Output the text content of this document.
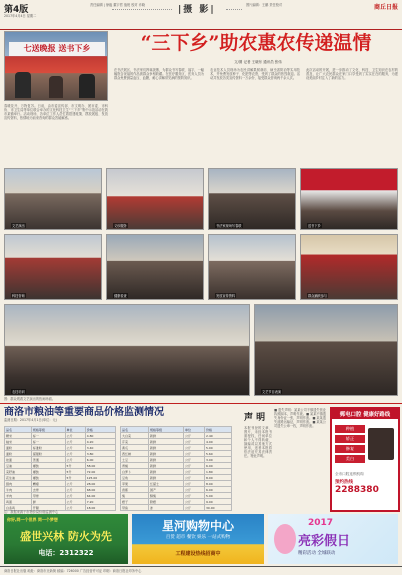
第4版
2017年4月4日 星期二
责任编辑 | 徐毅 董宇哲 值班 校对 乔晓	|摄 影|	图片编辑：王鹏 责任校对	商丘日报
七送晚报 送书下乡	“三下乡”助农惠农传递温情
文/图 记者 王晓东 通讯员 张伟
春暖花开，万物复苏。日前，由市委宣传部、市文明办、团市委、市科协、市卫生局等单位联合举办的文化科技卫生“三下乡”集中示范活动在我市某镇举行。活动现场，各单位工作人员忙着搭建帐篷、摆放展板、发放宣传资料，热情地为前来咨询的群众答疑解惑。
在书法展区，书法家们挥毫泼墨，为群众书写春联、福字，一幅幅饱含祝福的作品被群众争相收藏。在医疗服务区，医务人员为群众免费测量血压、血糖，耐心讲解常见病的预防知识。
农业技术人员现场为农民讲解果树栽培、病虫害防治等实用技术，并免费发放种子、化肥等农资，受到了群众的热烈欢迎。活动共发放各类宣传资料一万余份，接受群众咨询两千余人次。
此次活动的开展，进一步推动了文化、科技、卫生知识在农村的普及，让广大农民群众在家门口享受到了实实在在的服务，为建设美丽乡村注入了新的活力。
文艺演出	义诊服务	书法家现场写春联	送书下乡
科技咨询	健康检查	发放宣传资料	群众踊跃参与
农技培训	文艺节目表演
图：群众观看文艺演出的热闹场面。
商洛市粮油等重要商品价格监测情况
监测日期：2017年4月1日(单位：元)
品名	规格等级	单位	价格
粳米	标一	公斤	4.80
籼米	标一	公斤	4.20
面粉	标准粉	公斤	3.40
面粉	富强粉	公斤	3.80
挂面	普通	公斤	6.00
豆油	桶装	5升	58.00
菜籽油	桶装	5升	72.00
花生油	桶装	5升	125.00
猪肉	精瘦	公斤	28.00
牛肉	去骨	公斤	68.00
羊肉	带骨	公斤	64.00
鸡蛋	鲜	公斤	7.20
白条鸡	开膛	公斤	18.00
品名	规格等级	单位	价格
大白菜	新鲜	公斤	2.40
芹菜	新鲜	公斤	4.00
黄瓜	新鲜	公斤	5.00
西红柿	新鲜	公斤	5.60
土豆	新鲜	公斤	3.00
青椒	新鲜	公斤	6.00
白萝卜	新鲜	公斤	1.80
豆角	新鲜	公斤	8.00
苹果	红富士	公斤	8.00
香蕉	国产	公斤	6.00
梨	酥梨	公斤	5.00
橙子	脐橙	公斤	9.00
带鱼	冻	公斤	30.00
注：数据来源于市物价局价格监测中心
声 明
本报刊登的文章、图片，未经本报书面授权，任何单位和个人不得转载、摘编或以其他方式使用，违者本报将依法追究其法律责任。特此声明。
■ 遗失声明：某某公司不慎遗失营业执照副本，声明作废。■ 某某不慎遗失身份证一张，声明作废。■ 某某遗失道路运输证，声明作废。■ 某某公司遗失公章一枚，声明作废。
郵电口腔 健康好路线
种植
矫正
修复
美白
全市口腔连锁机构
预约热线
2288380
你好,同一个世界 同一个梦想
盛世兴林 防火为先
电话：2312322
星河购物中心
百货 超市 餐饮 娱乐 一站式购物
工程建设热线招商中
2017
亮彩假日
精彩活动 全城联动
商洛日报社出版 地址：商洛市北新街 邮编：726000 广告经营许可证 印刷：商洛日报社印务中心
